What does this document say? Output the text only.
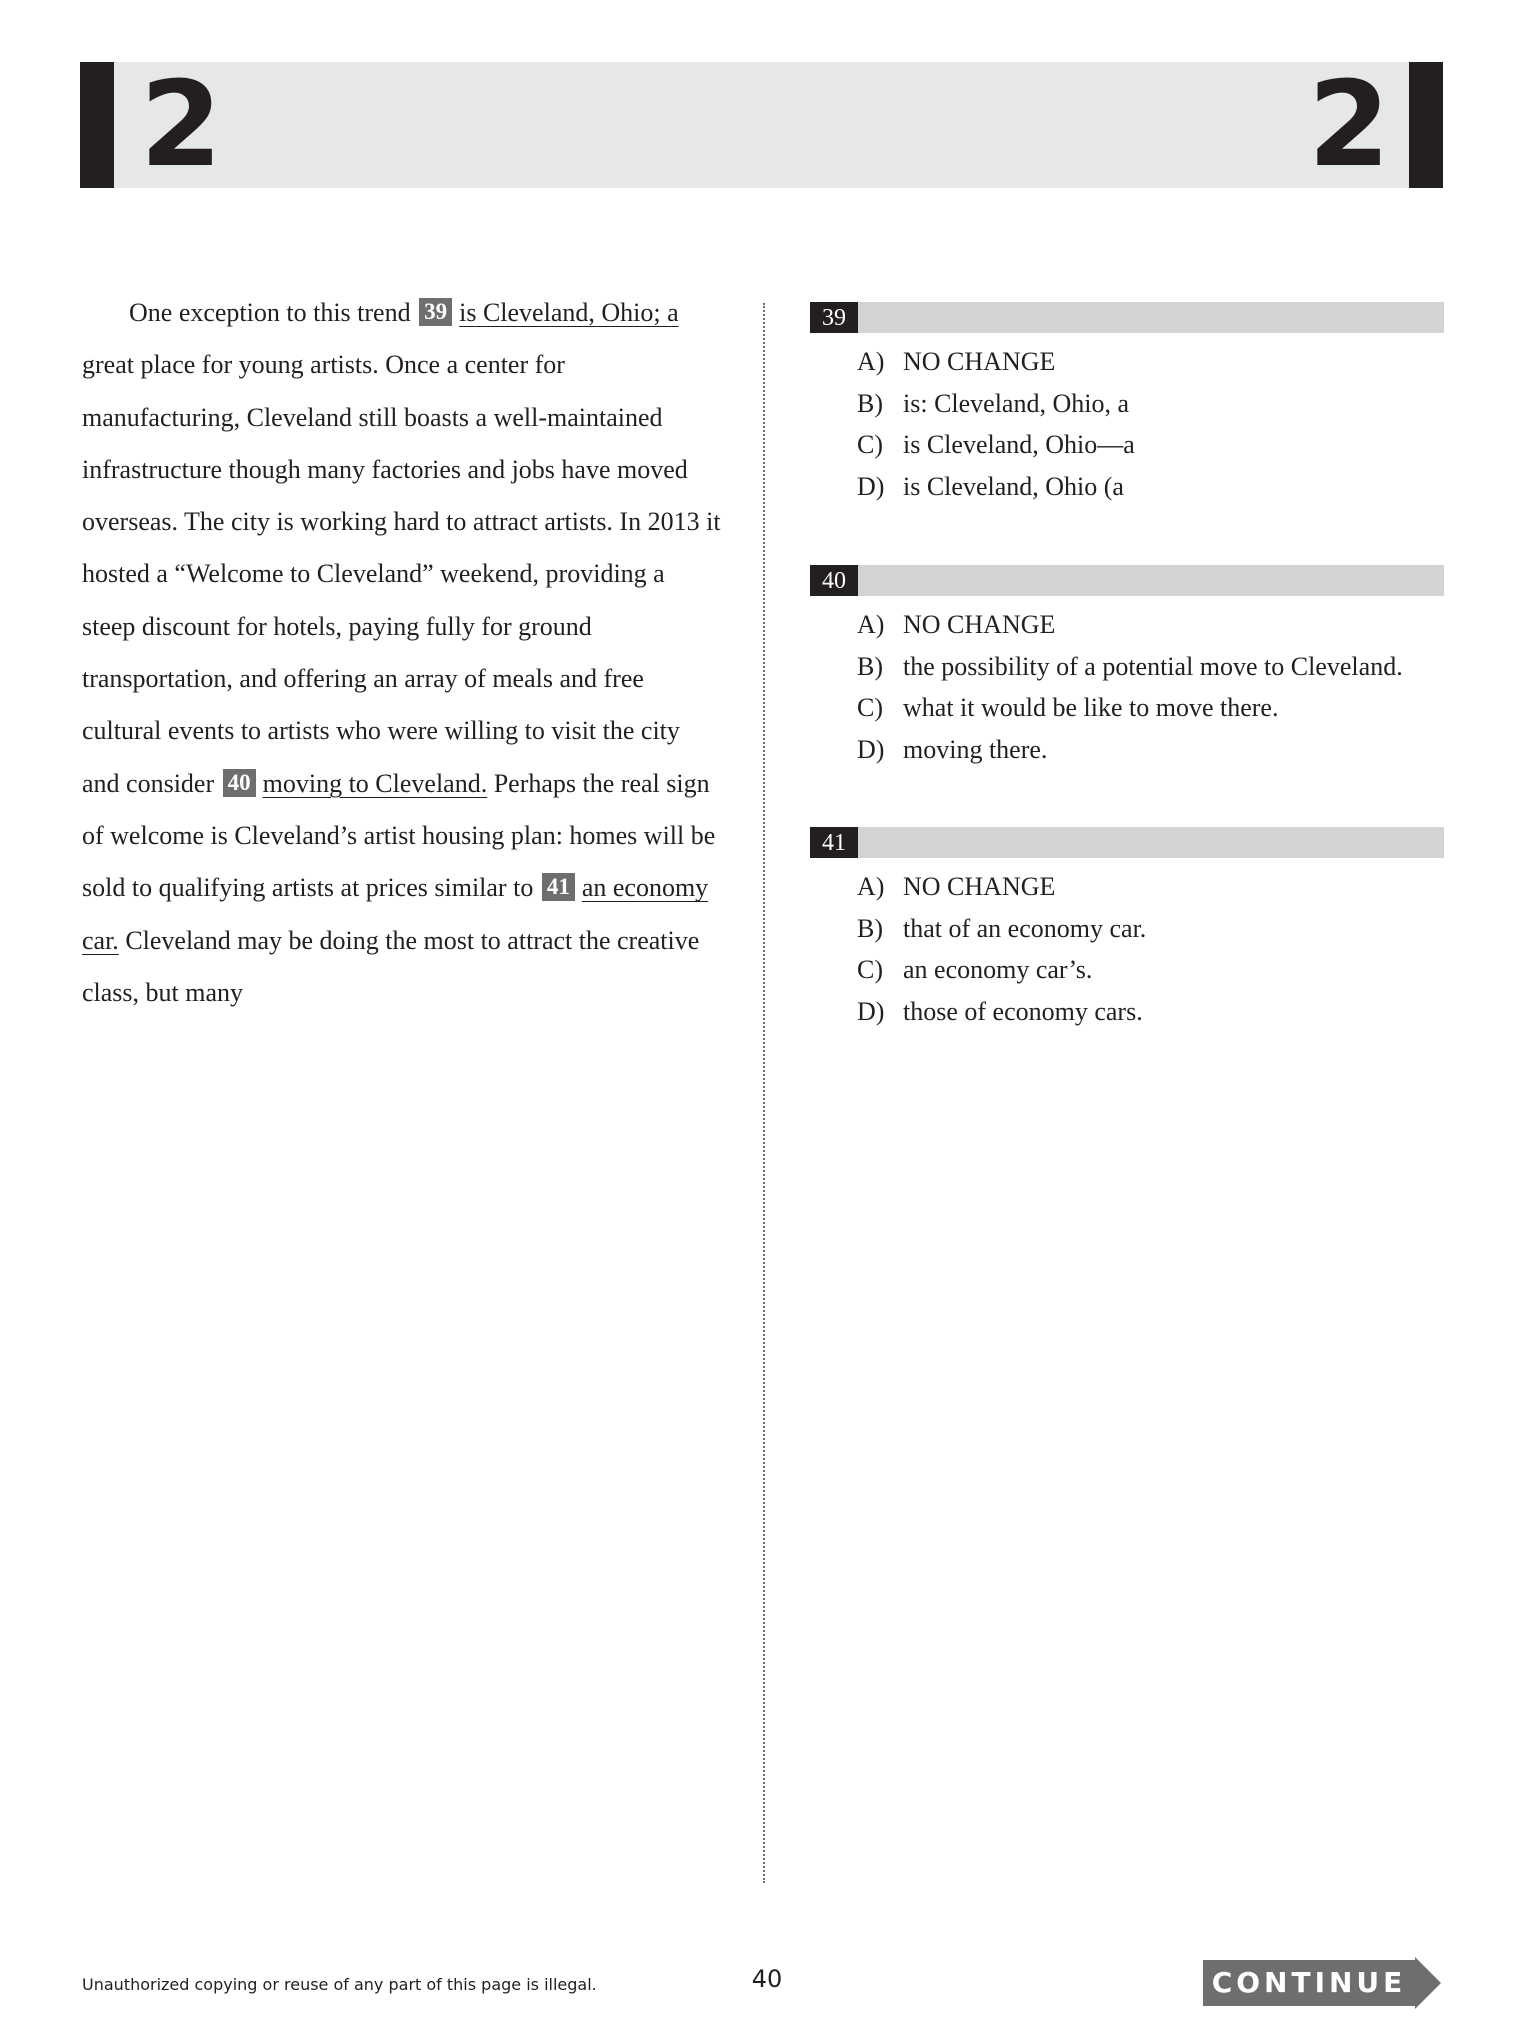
2	2

One exception to this trend 39 is Cleveland, Ohio; a great place for young artists. Once a center for manufacturing, Cleveland still boasts a well-maintained infrastructure though many factories and jobs have moved overseas. The city is working hard to attract artists. In 2013 it hosted a “Welcome to Cleveland” weekend, providing a steep discount for hotels, paying fully for ground transportation, and offering an array of meals and free cultural events to artists who were willing to visit the city and consider 40 moving to Cleveland. Perhaps the real sign of welcome is Cleveland’s artist housing plan: homes will be sold to qualifying artists at prices similar to 41 an economy car. Cleveland may be doing the most to attract the creative class, but many

39
A) NO CHANGE
B) is: Cleveland, Ohio, a
C) is Cleveland, Ohio—a
D) is Cleveland, Ohio (a
40
A) NO CHANGE
B) the possibility of a potential move to Cleveland.
C) what it would be like to move there.
D) moving there.
41
A) NO CHANGE
B) that of an economy car.
C) an economy car’s.
D) those of economy cars.
Unauthorized copying or reuse of any part of this page is illegal.	40	CONTINUE
